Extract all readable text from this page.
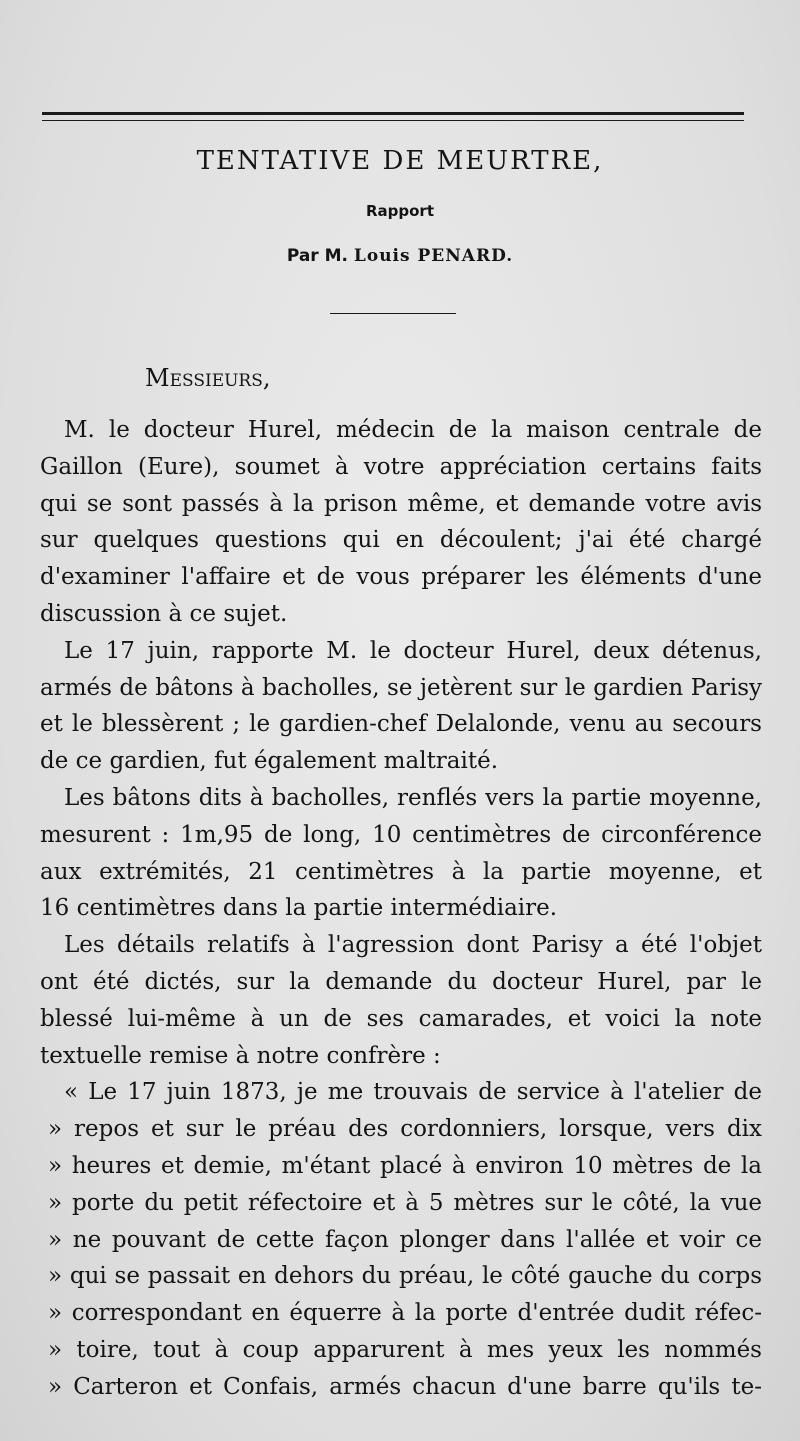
TENTATIVE DE MEURTRE,
Rapport
Par M. Louis PENARD.
Messieurs,
M. le docteur Hurel, médecin de la maison centrale de
Gaillon (Eure), soumet à votre appréciation certains faits
qui se sont passés à la prison même, et demande votre avis
sur quelques questions qui en découlent; j'ai été chargé
d'examiner l'affaire et de vous préparer les éléments d'une
discussion à ce sujet.
Le 17 juin, rapporte M. le docteur Hurel, deux détenus,
armés de bâtons à bacholles, se jetèrent sur le gardien Parisy
et le blessèrent ; le gardien-chef Delalonde, venu au secours
de ce gardien, fut également maltraité.
Les bâtons dits à bacholles, renflés vers la partie moyenne,
mesurent : 1m,95 de long, 10 centimètres de circonférence
aux extrémités, 21 centimètres à la partie moyenne, et
16 centimètres dans la partie intermédiaire.
Les détails relatifs à l'agression dont Parisy a été l'objet
ont été dictés, sur la demande du docteur Hurel, par le
blessé lui-même à un de ses camarades, et voici la note
textuelle remise à notre confrère :
« Le 17 juin 1873, je me trouvais de service à l'atelier de
» repos et sur le préau des cordonniers, lorsque, vers dix
» heures et demie, m'étant placé à environ 10 mètres de la
» porte du petit réfectoire et à 5 mètres sur le côté, la vue
» ne pouvant de cette façon plonger dans l'allée et voir ce
» qui se passait en dehors du préau, le côté gauche du corps
» correspondant en équerre à la porte d'entrée dudit réfec-
» toire, tout à coup apparurent à mes yeux les nommés
» Carteron et Confais, armés chacun d'une barre qu'ils te-
